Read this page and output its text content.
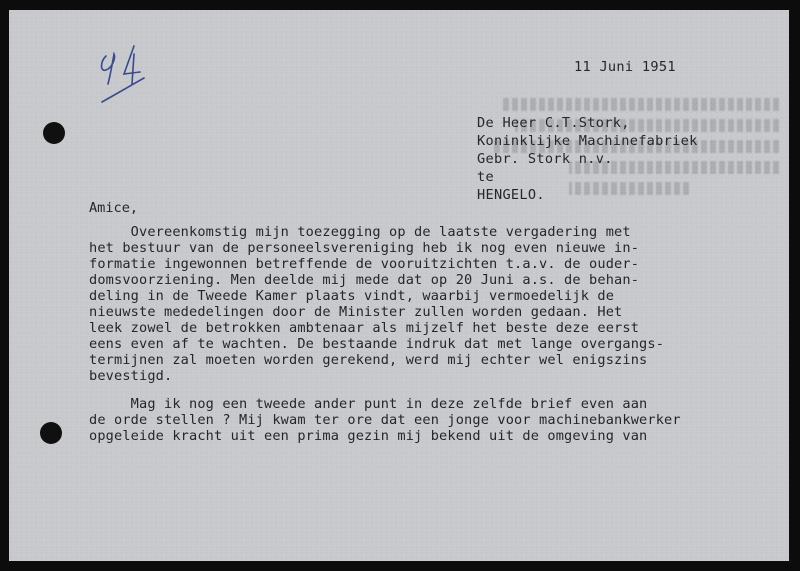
11 Juni 1951
De Heer C.T.Stork,
Koninklijke Machinefabriek
Gebr. Stork n.v.
te
HENGELO.
Amice,
Overeenkomstig mijn toezegging op de laatste vergadering met
het bestuur van de personeelsvereniging heb ik nog even nieuwe in-
formatie ingewonnen betreffende de vooruitzichten t.a.v. de ouder-
domsvoorziening. Men deelde mij mede dat op 20 Juni a.s. de behan-
deling in de Tweede Kamer plaats vindt, waarbij vermoedelijk de
nieuwste mededelingen door de Minister zullen worden gedaan. Het
leek zowel de betrokken ambtenaar als mijzelf het beste deze eerst
eens even af te wachten. De bestaande indruk dat met lange overgangs-
termijnen zal moeten worden gerekend, werd mij echter wel enigszins
bevestigd.
Mag ik nog een tweede ander punt in deze zelfde brief even aan
de orde stellen ? Mij kwam ter ore dat een jonge voor machinebankwerker
opgeleide kracht uit een prima gezin mij bekend uit de omgeving van
